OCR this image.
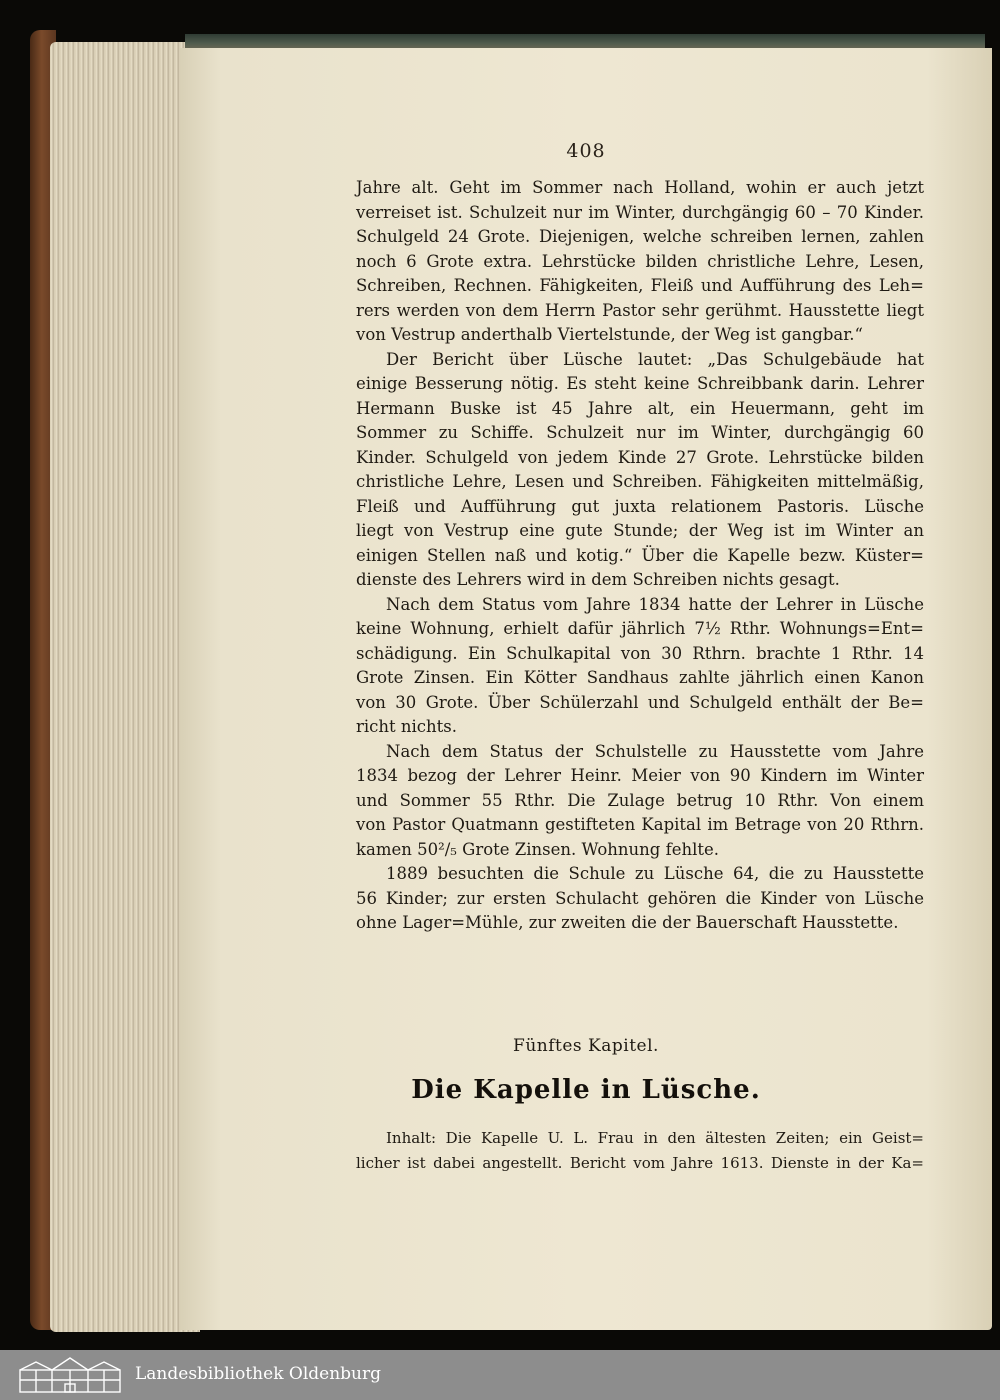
408
Jahre alt. Geht im Sommer nach Holland, wohin er auch jetzt
verreiset ist. Schulzeit nur im Winter, durchgängig 60 – 70 Kinder.
Schulgeld 24 Grote. Diejenigen, welche schreiben lernen, zahlen
noch 6 Grote extra. Lehrstücke bilden christliche Lehre, Lesen,
Schreiben, Rechnen. Fähigkeiten, Fleiß und Aufführung des Leh=
rers werden von dem Herrn Pastor sehr gerühmt. Hausstette liegt
von Vestrup anderthalb Viertelstunde, der Weg ist gangbar.“
Der Bericht über Lüsche lautet: „Das Schulgebäude hat
einige Besserung nötig. Es steht keine Schreibbank darin. Lehrer
Hermann Buske ist 45 Jahre alt, ein Heuermann, geht im
Sommer zu Schiffe. Schulzeit nur im Winter, durchgängig 60
Kinder. Schulgeld von jedem Kinde 27 Grote. Lehrstücke bilden
christliche Lehre, Lesen und Schreiben. Fähigkeiten mittelmäßig,
Fleiß und Aufführung gut juxta relationem Pastoris. Lüsche
liegt von Vestrup eine gute Stunde; der Weg ist im Winter an
einigen Stellen naß und kotig.“ Über die Kapelle bezw. Küster=
dienste des Lehrers wird in dem Schreiben nichts gesagt.
Nach dem Status vom Jahre 1834 hatte der Lehrer in Lüsche
keine Wohnung, erhielt dafür jährlich 7½ Rthr. Wohnungs=Ent=
schädigung. Ein Schulkapital von 30 Rthrn. brachte 1 Rthr. 14
Grote Zinsen. Ein Kötter Sandhaus zahlte jährlich einen Kanon
von 30 Grote. Über Schülerzahl und Schulgeld enthält der Be=
richt nichts.
Nach dem Status der Schulstelle zu Hausstette vom Jahre
1834 bezog der Lehrer Heinr. Meier von 90 Kindern im Winter
und Sommer 55 Rthr. Die Zulage betrug 10 Rthr. Von einem
von Pastor Quatmann gestifteten Kapital im Betrage von 20 Rthrn.
kamen 50²/₅ Grote Zinsen. Wohnung fehlte.
1889 besuchten die Schule zu Lüsche 64, die zu Hausstette
56 Kinder; zur ersten Schulacht gehören die Kinder von Lüsche
ohne Lager=Mühle, zur zweiten die der Bauerschaft Hausstette.
Fünftes Kapitel.
Die Kapelle in Lüsche.
Inhalt: Die Kapelle U. L. Frau in den ältesten Zeiten; ein Geist=
licher ist dabei angestellt. Bericht vom Jahre 1613. Dienste in der Ka=
Landesbibliothek Oldenburg
